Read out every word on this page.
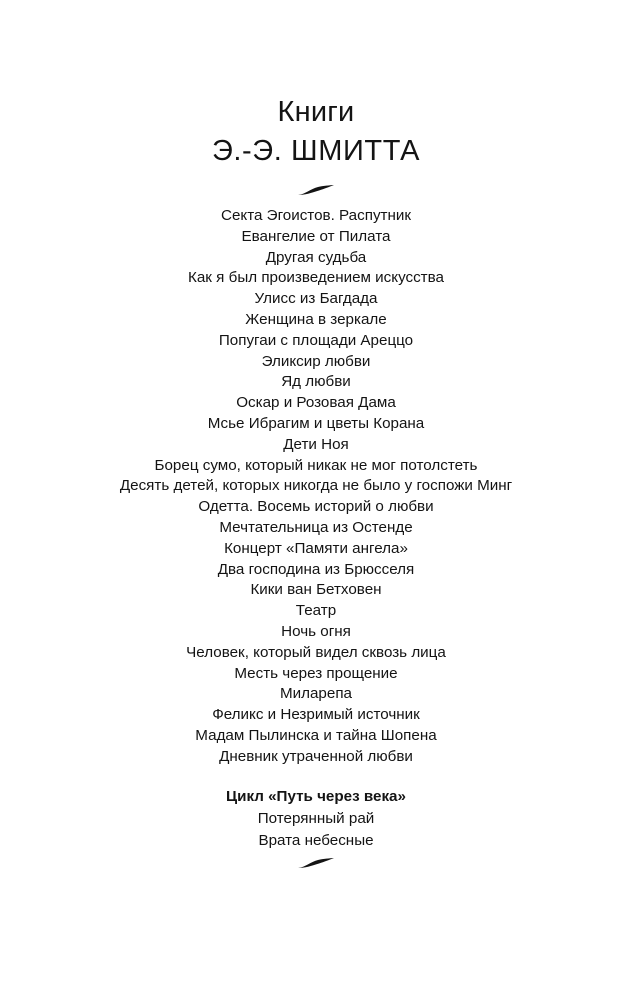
Книги
Э.-Э. ШМИТТА
Секта Эгоистов. Распутник
Евангелие от Пилата
Другая судьба
Как я был произведением искусства
Улисс из Багдада
Женщина в зеркале
Попугаи с площади Ареццо
Эликсир любви
Яд любви
Оскар и Розовая Дама
Мсье Ибрагим и цветы Корана
Дети Ноя
Борец сумо, который никак не мог потолстеть
Десять детей, которых никогда не было у госпожи Минг
Одетта. Восемь историй о любви
Мечтательница из Остенде
Концерт «Памяти ангела»
Два господина из Брюсселя
Кики ван Бетховен
Театр
Ночь огня
Человек, который видел сквозь лица
Месть через прощение
Миларепа
Феликс и Незримый источник
Мадам Пылинска и тайна Шопена
Дневник утраченной любви
Цикл «Путь через века»
Потерянный рай
Врата небесные
